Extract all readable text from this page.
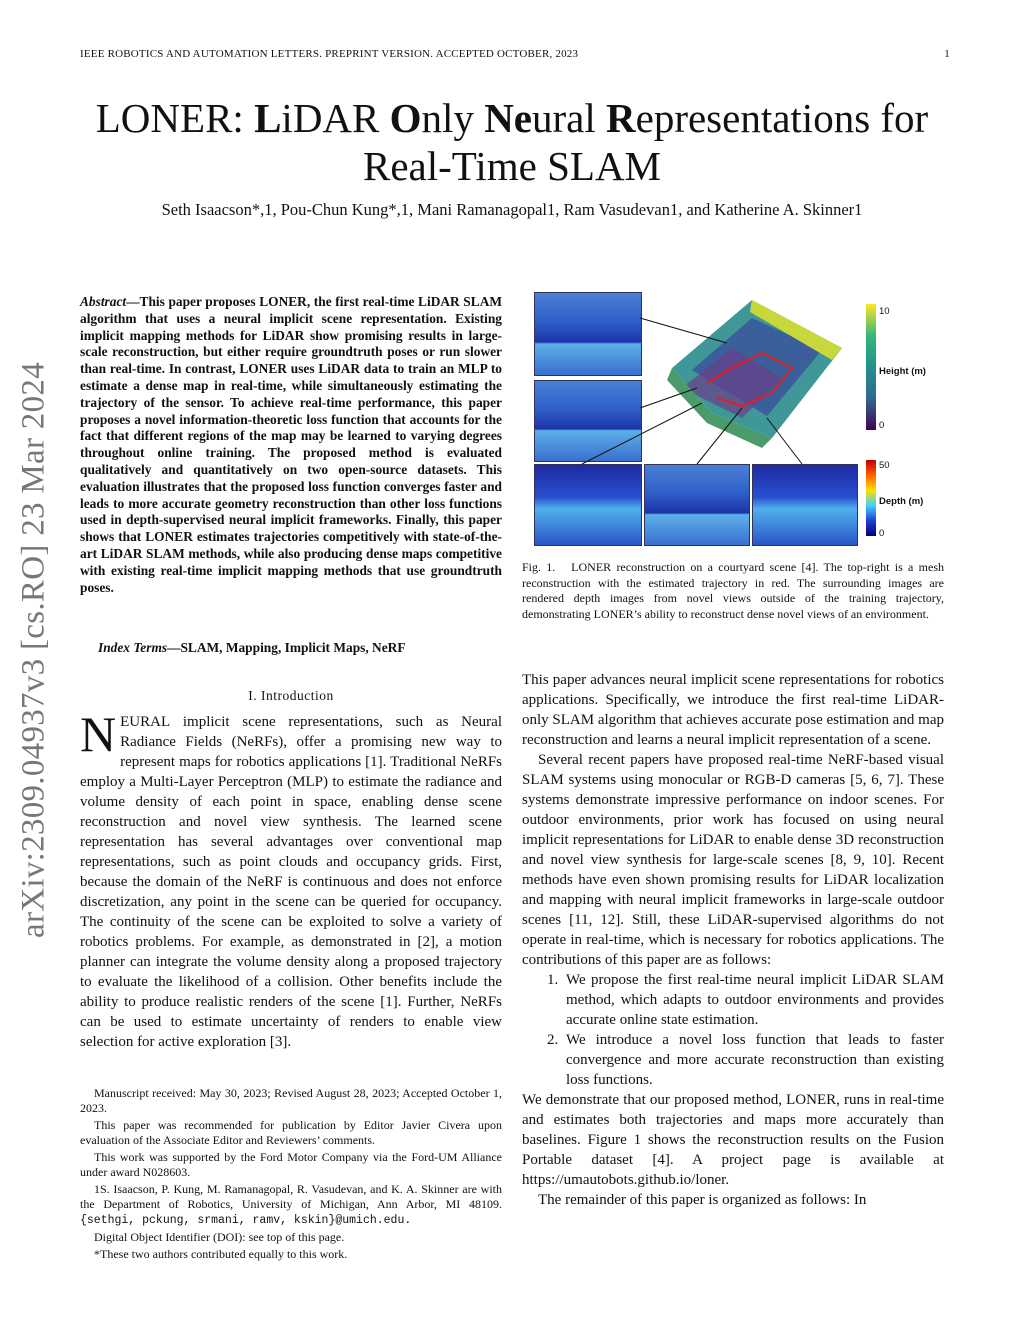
IEEE ROBOTICS AND AUTOMATION LETTERS. PREPRINT VERSION. ACCEPTED OCTOBER, 2023	1
LONER: LiDAR Only Neural Representations for
Real-Time SLAM
Seth Isaacson*,1, Pou-Chun Kung*,1, Mani Ramanagopal1, Ram Vasudevan1, and Katherine A. Skinner1
arXiv:2309.04937v3 [cs.RO] 23 Mar 2024
Abstract—This paper proposes LONER, the first real-time LiDAR SLAM algorithm that uses a neural implicit scene representation. Existing implicit mapping methods for LiDAR show promising results in large-scale reconstruction, but either require groundtruth poses or run slower than real-time. In contrast, LONER uses LiDAR data to train an MLP to estimate a dense map in real-time, while simultaneously estimating the trajectory of the sensor. To achieve real-time performance, this paper proposes a novel information-theoretic loss function that accounts for the fact that different regions of the map may be learned to varying degrees throughout online training. The proposed method is evaluated qualitatively and quantitatively on two open-source datasets. This evaluation illustrates that the proposed loss function converges faster and leads to more accurate geometry reconstruction than other loss functions used in depth-supervised neural implicit frameworks. Finally, this paper shows that LONER estimates trajectories competitively with state-of-the-art LiDAR SLAM methods, while also producing dense maps competitive with existing real-time implicit mapping methods that use groundtruth poses.
Index Terms—SLAM, Mapping, Implicit Maps, NeRF
I. Introduction
NEURAL implicit scene representations, such as Neural Radiance Fields (NeRFs), offer a promising new way to represent maps for robotics applications [1]. Traditional NeRFs employ a Multi-Layer Perceptron (MLP) to estimate the radiance and volume density of each point in space, enabling dense scene reconstruction and novel view synthesis. The learned scene representation has several advantages over conventional map representations, such as point clouds and occupancy grids. First, because the domain of the NeRF is continuous and does not enforce discretization, any point in the scene can be queried for occupancy. The continuity of the scene can be exploited to solve a variety of robotics problems. For example, as demonstrated in [2], a motion planner can integrate the volume density along a proposed trajectory to evaluate the likelihood of a collision. Other benefits include the ability to produce realistic renders of the scene [1]. Further, NeRFs can be used to estimate uncertainty of renders to enable view selection for active exploration [3].

Manuscript received: May 30, 2023; Revised August 28, 2023; Accepted October 1, 2023.

This paper was recommended for publication by Editor Javier Civera upon evaluation of the Associate Editor and Reviewers’ comments.

This work was supported by the Ford Motor Company via the Ford-UM Alliance under award N028603.

1S. Isaacson, P. Kung, M. Ramanagopal, R. Vasudevan, and K. A. Skinner are with the Department of Robotics, University of Michigan, Ann Arbor, MI 48109. {sethgi, pckung, srmani, ramv, kskin}@umich.edu.

Digital Object Identifier (DOI): see top of this page.

*These two authors contributed equally to this work.

10
Height (m)
0
50
Depth (m)
0
Fig. 1. LONER reconstruction on a courtyard scene [4]. The top-right is a mesh reconstruction with the estimated trajectory in red. The surrounding images are rendered depth images from novel views outside of the training trajectory, demonstrating LONER’s ability to reconstruct dense novel views of an environment.

This paper advances neural implicit scene representations for robotics applications. Specifically, we introduce the first real-time LiDAR-only SLAM algorithm that achieves accurate pose estimation and map reconstruction and learns a neural implicit representation of a scene.

Several recent papers have proposed real-time NeRF-based visual SLAM systems using monocular or RGB-D cameras [5, 6, 7]. These systems demonstrate impressive performance on indoor scenes. For outdoor environments, prior work has focused on using neural implicit representations for LiDAR to enable dense 3D reconstruction and novel view synthesis for large-scale scenes [8, 9, 10]. Recent methods have even shown promising results for LiDAR localization and mapping with neural implicit frameworks in large-scale outdoor scenes [11, 12]. Still, these LiDAR-supervised algorithms do not operate in real-time, which is necessary for robotics applications. The contributions of this paper are as follows:

1. We propose the first real-time neural implicit LiDAR SLAM method, which adapts to outdoor environments and provides accurate online state estimation.
2. We introduce a novel loss function that leads to faster convergence and more accurate reconstruction than existing loss functions.

We demonstrate that our proposed method, LONER, runs in real-time and estimates both trajectories and maps more accurately than baselines. Figure 1 shows the reconstruction results on the Fusion Portable dataset [4]. A project page is available at https://umautobots.github.io/loner.

The remainder of this paper is organized as follows: In
